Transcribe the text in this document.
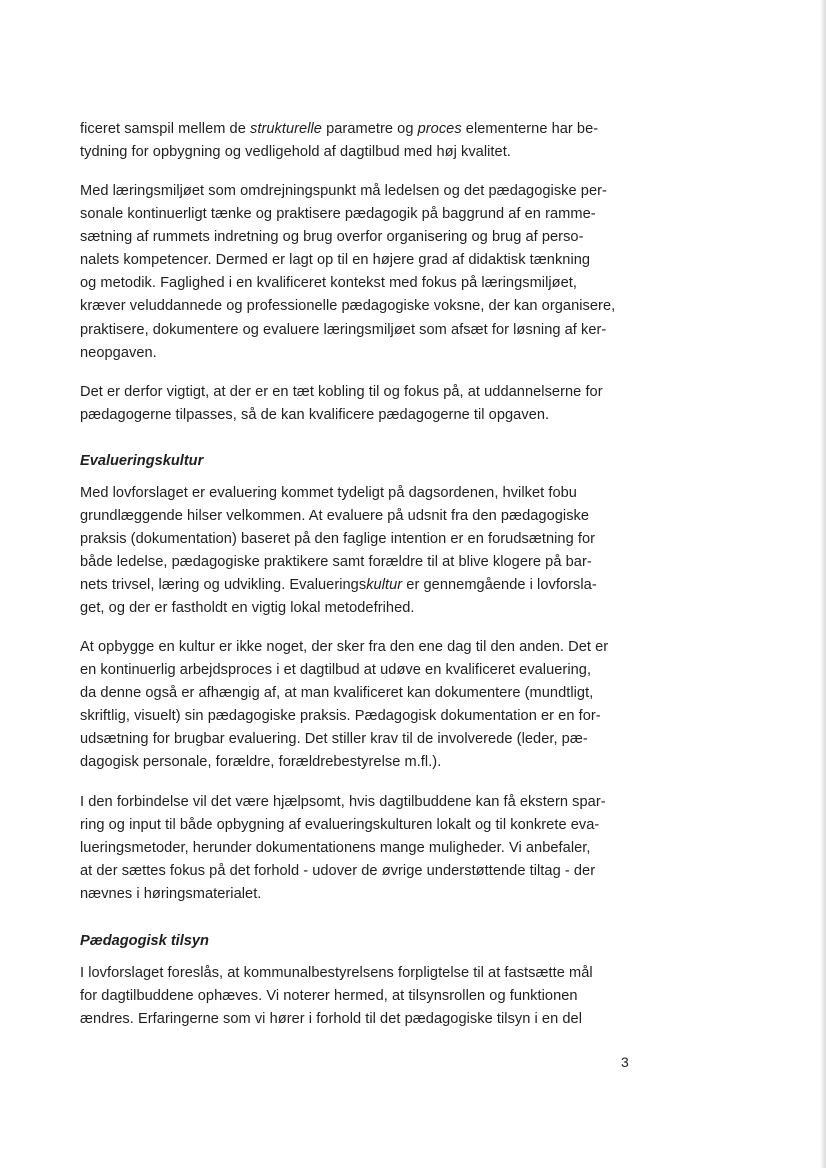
ficeret samspil mellem de strukturelle parametre og proces elementerne har be-
tydning for opbygning og vedligehold af dagtilbud med høj kvalitet.
Med læringsmiljøet som omdrejningspunkt må ledelsen og det pædagogiske per-
sonale kontinuerligt tænke og praktisere pædagogik på baggrund af en ramme-
sætning af rummets indretning og brug overfor organisering og brug af perso-
nalets kompetencer. Dermed er lagt op til en højere grad af didaktisk tænkning
og metodik. Faglighed i en kvalificeret kontekst med fokus på læringsmiljøet,
kræver veluddannede og professionelle pædagogiske voksne, der kan organisere,
praktisere, dokumentere og evaluere læringsmiljøet som afsæt for løsning af ker-
neopgaven.
Det er derfor vigtigt, at der er en tæt kobling til og fokus på, at uddannelserne for
pædagogerne tilpasses, så de kan kvalificere pædagogerne til opgaven.
Evalueringskultur
Med lovforslaget er evaluering kommet tydeligt på dagsordenen, hvilket fobu
grundlæggende hilser velkommen. At evaluere på udsnit fra den pædagogiske
praksis (dokumentation) baseret på den faglige intention er en forudsætning for
både ledelse, pædagogiske praktikere samt forældre til at blive klogere på bar-
nets trivsel, læring og udvikling. Evalueringskultur er gennemgående i lovforsla-
get, og der er fastholdt en vigtig lokal metodefrihed.
At opbygge en kultur er ikke noget, der sker fra den ene dag til den anden. Det er
en kontinuerlig arbejdsproces i et dagtilbud at udøve en kvalificeret evaluering,
da denne også er afhængig af, at man kvalificeret kan dokumentere (mundtligt,
skriftlig, visuelt) sin pædagogiske praksis. Pædagogisk dokumentation er en for-
udsætning for brugbar evaluering. Det stiller krav til de involverede (leder, pæ-
dagogisk personale, forældre, forældrebestyrelse m.fl.).
I den forbindelse vil det være hjælpsomt, hvis dagtilbuddene kan få ekstern spar-
ring og input til både opbygning af evalueringskulturen lokalt og til konkrete eva-
lueringsmetoder, herunder dokumentationens mange muligheder. Vi anbefaler,
at der sættes fokus på det forhold - udover de øvrige understøttende tiltag - der
nævnes i høringsmaterialet.
Pædagogisk tilsyn
I lovforslaget foreslås, at kommunalbestyrelsens forpligtelse til at fastsætte mål
for dagtilbuddene ophæves. Vi noterer hermed, at tilsynsrollen og funktionen
ændres. Erfaringerne som vi hører i forhold til det pædagogiske tilsyn i en del
3
